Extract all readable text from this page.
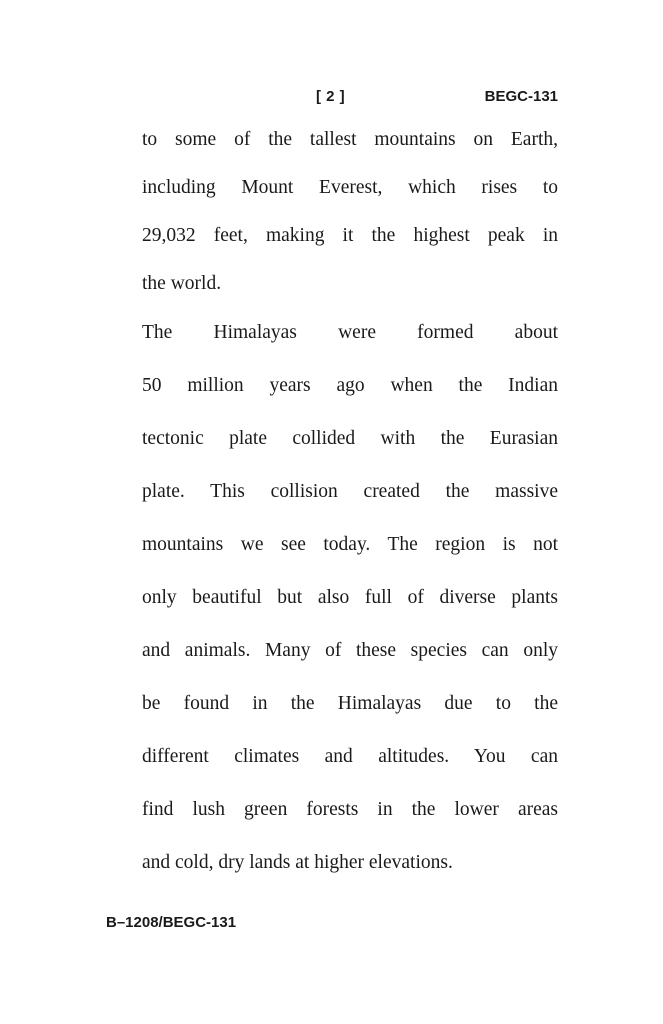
[ 2 ]	BEGC-131
to some of the tallest mountains on Earth,
including Mount Everest, which rises to
29,032 feet, making it the highest peak in
the world.
The Himalayas were formed about
50 million years ago when the Indian
tectonic plate collided with the Eurasian
plate. This collision created the massive
mountains we see today. The region is not
only beautiful but also full of diverse plants
and animals. Many of these species can only
be found in the Himalayas due to the
different climates and altitudes. You can
find lush green forests in the lower areas
and cold, dry lands at higher elevations.
B–1208/BEGC-131
